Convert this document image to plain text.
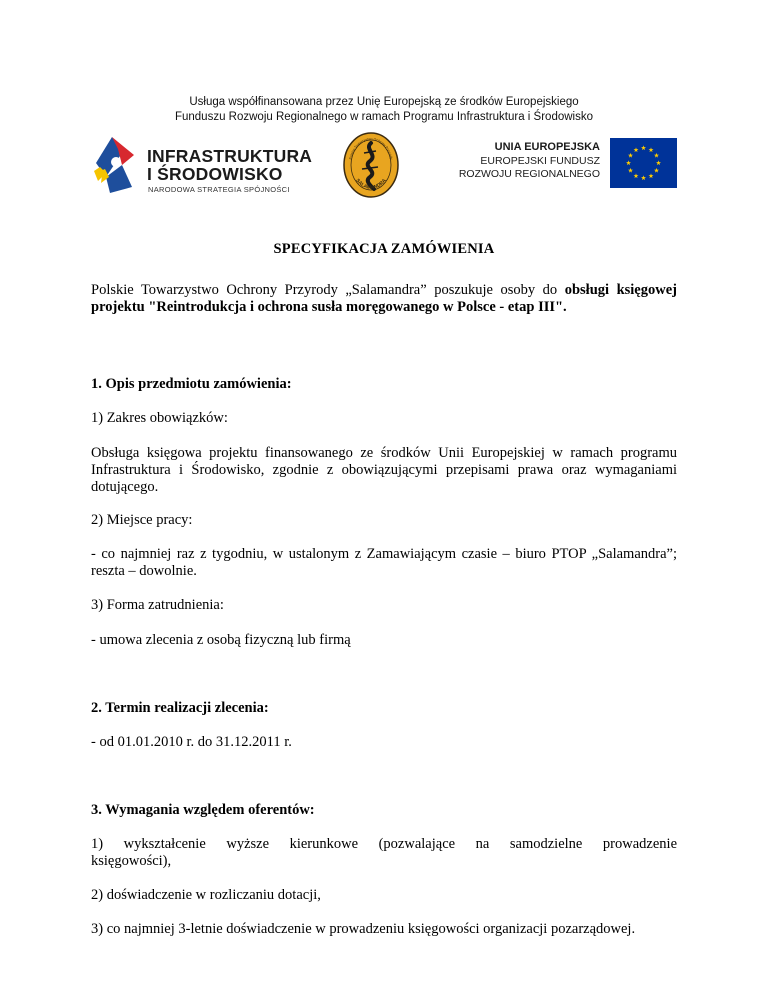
Usługa współfinansowana przez Unię Europejską ze środków Europejskiego
Funduszu Rozwoju Regionalnego w ramach Programu Infrastruktura i Środowisko
INFRASTRUKTURA
I ŚRODOWISKO
NARODOWA STRATEGIA SPÓJNOŚCI
Polskie Towarzystwo Ochrony Przyrody
SALAMANDRA
UNIA EUROPEJSKA
EUROPEJSKI FUNDUSZ
ROZWOJU REGIONALNEGO
SPECYFIKACJA ZAMÓWIENIA
Polskie Towarzystwo Ochrony Przyrody „Salamandra” poszukuje osoby do obsługi księgowej projektu "Reintrodukcja i ochrona susła moręgowanego w Polsce - etap III".
1. Opis przedmiotu zamówienia:
1) Zakres obowiązków:
Obsługa księgowa projektu finansowanego ze środków Unii Europejskiej w ramach programu Infrastruktura i Środowisko, zgodnie z obowiązującymi przepisami prawa oraz wymaganiami dotującego.
2) Miejsce pracy:
- co najmniej raz z tygodniu, w ustalonym z Zamawiającym czasie – biuro PTOP „Salamandra”; reszta – dowolnie.
3) Forma zatrudnienia:
- umowa zlecenia z osobą fizyczną lub firmą
2. Termin realizacji zlecenia:
- od 01.01.2010 r. do 31.12.2011 r.
3. Wymagania względem oferentów:
1) wykształcenie wyższe kierunkowe (pozwalające na samodzielne prowadzenie
księgowości),
2) doświadczenie w rozliczaniu dotacji,
3) co najmniej 3-letnie doświadczenie w prowadzeniu księgowości organizacji pozarządowej.
